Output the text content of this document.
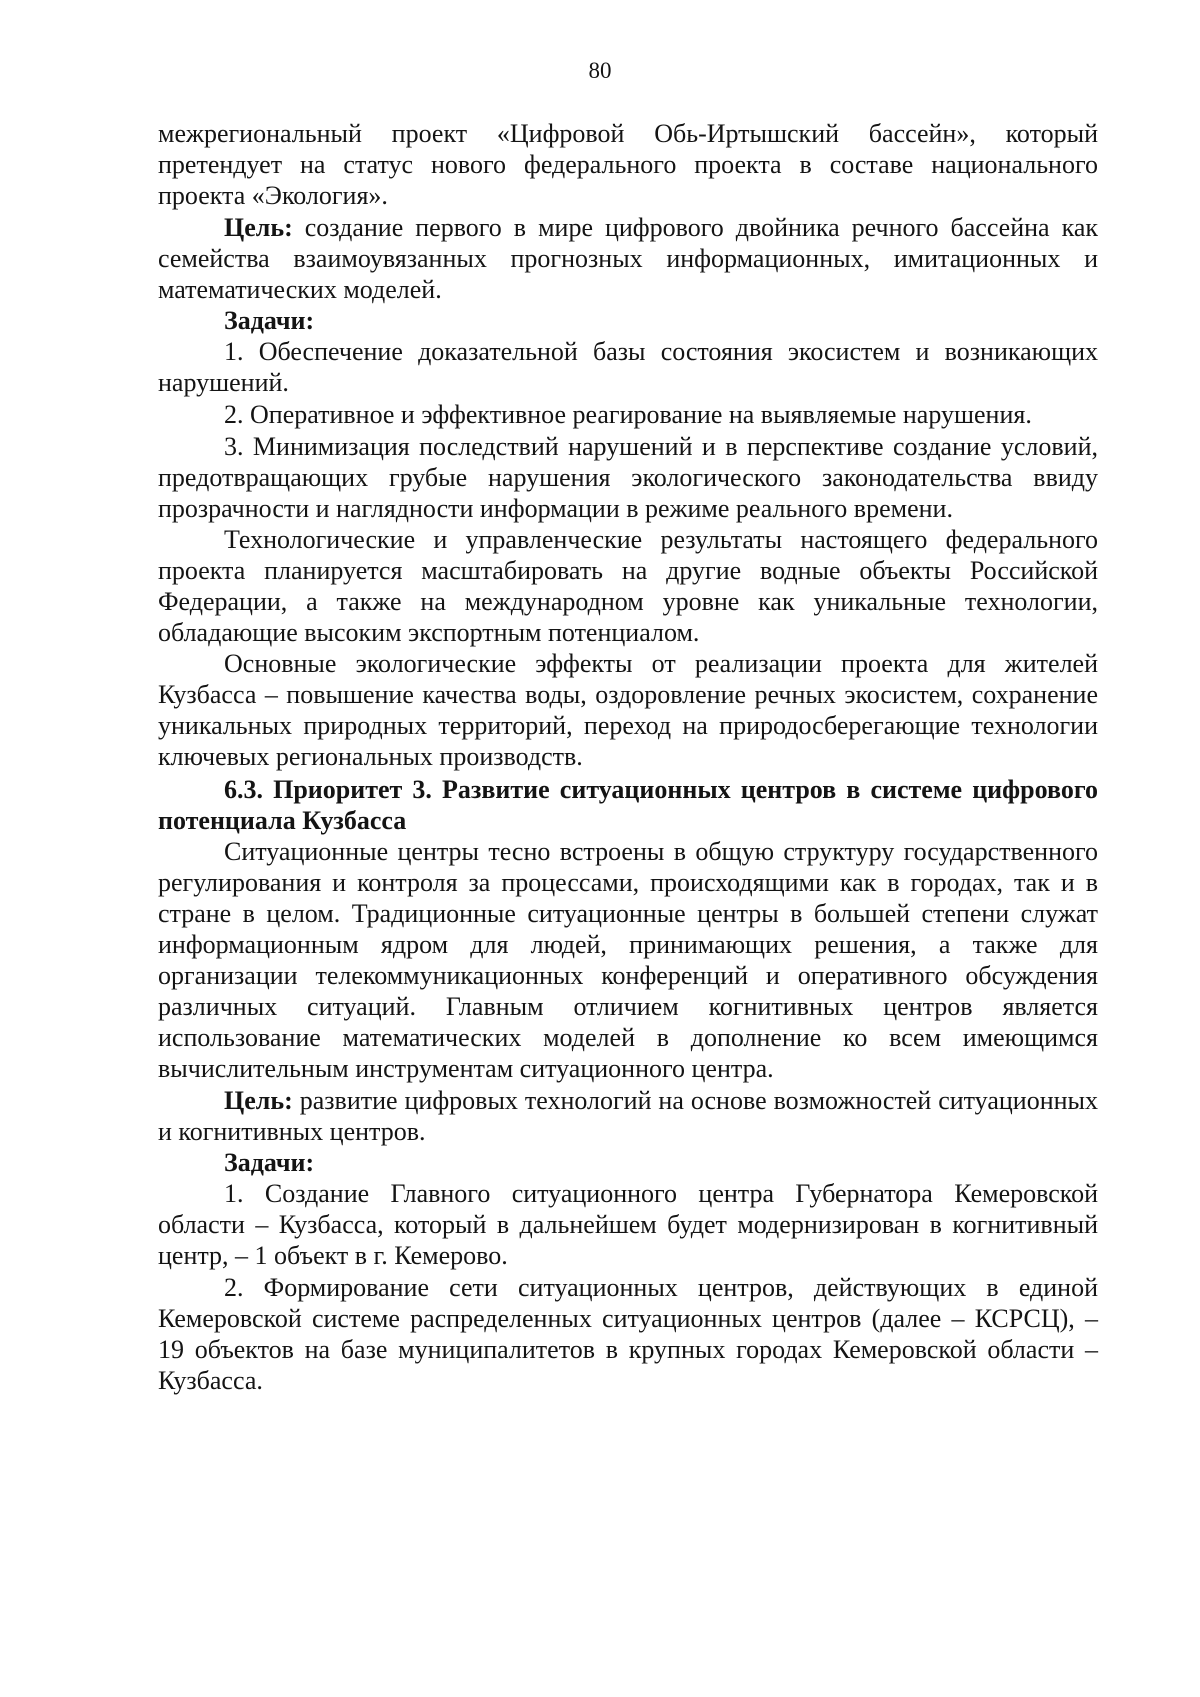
80

межрегиональный проект «Цифровой Обь-Иртышский бассейн», который претендует на статус нового федерального проекта в составе национального проекта «Экология».

Цель: создание первого в мире цифрового двойника речного бассейна как семейства взаимоувязанных прогнозных информационных, имитационных и математических моделей.

Задачи:

1. Обеспечение доказательной базы состояния экосистем и возникающих нарушений.

2. Оперативное и эффективное реагирование на выявляемые нарушения.

3. Минимизация последствий нарушений и в перспективе создание условий, предотвращающих грубые нарушения экологического законодательства ввиду прозрачности и наглядности информации в режиме реального времени.

Технологические и управленческие результаты настоящего федерального проекта планируется масштабировать на другие водные объекты Российской Федерации, а также на международном уровне как уникальные технологии, обладающие высоким экспортным потенциалом.

Основные экологические эффекты от реализации проекта для жителей Кузбасса – повышение качества воды, оздоровление речных экосистем, сохранение уникальных природных территорий, переход на природосберегающие технологии ключевых региональных производств.

6.3. Приоритет 3. Развитие ситуационных центров в системе цифрового потенциала Кузбасса

Ситуационные центры тесно встроены в общую структуру государственного регулирования и контроля за процессами, происходящими как в городах, так и в стране в целом. Традиционные ситуационные центры в большей степени служат информационным ядром для людей, принимающих решения, а также для организации телекоммуникационных конференций и оперативного обсуждения различных ситуаций. Главным отличием когнитивных центров является использование математических моделей в дополнение ко всем имеющимся вычислительным инструментам ситуационного центра.

Цель: развитие цифровых технологий на основе возможностей ситуационных и когнитивных центров.

Задачи:

1. Создание Главного ситуационного центра Губернатора Кемеровской области – Кузбасса, который в дальнейшем будет модернизирован в когнитивный центр, – 1 объект в г. Кемерово.

2. Формирование сети ситуационных центров, действующих в единой Кемеровской системе распределенных ситуационных центров (далее – КСРСЦ), – 19 объектов на базе муниципалитетов в крупных городах Кемеровской области – Кузбасса.
